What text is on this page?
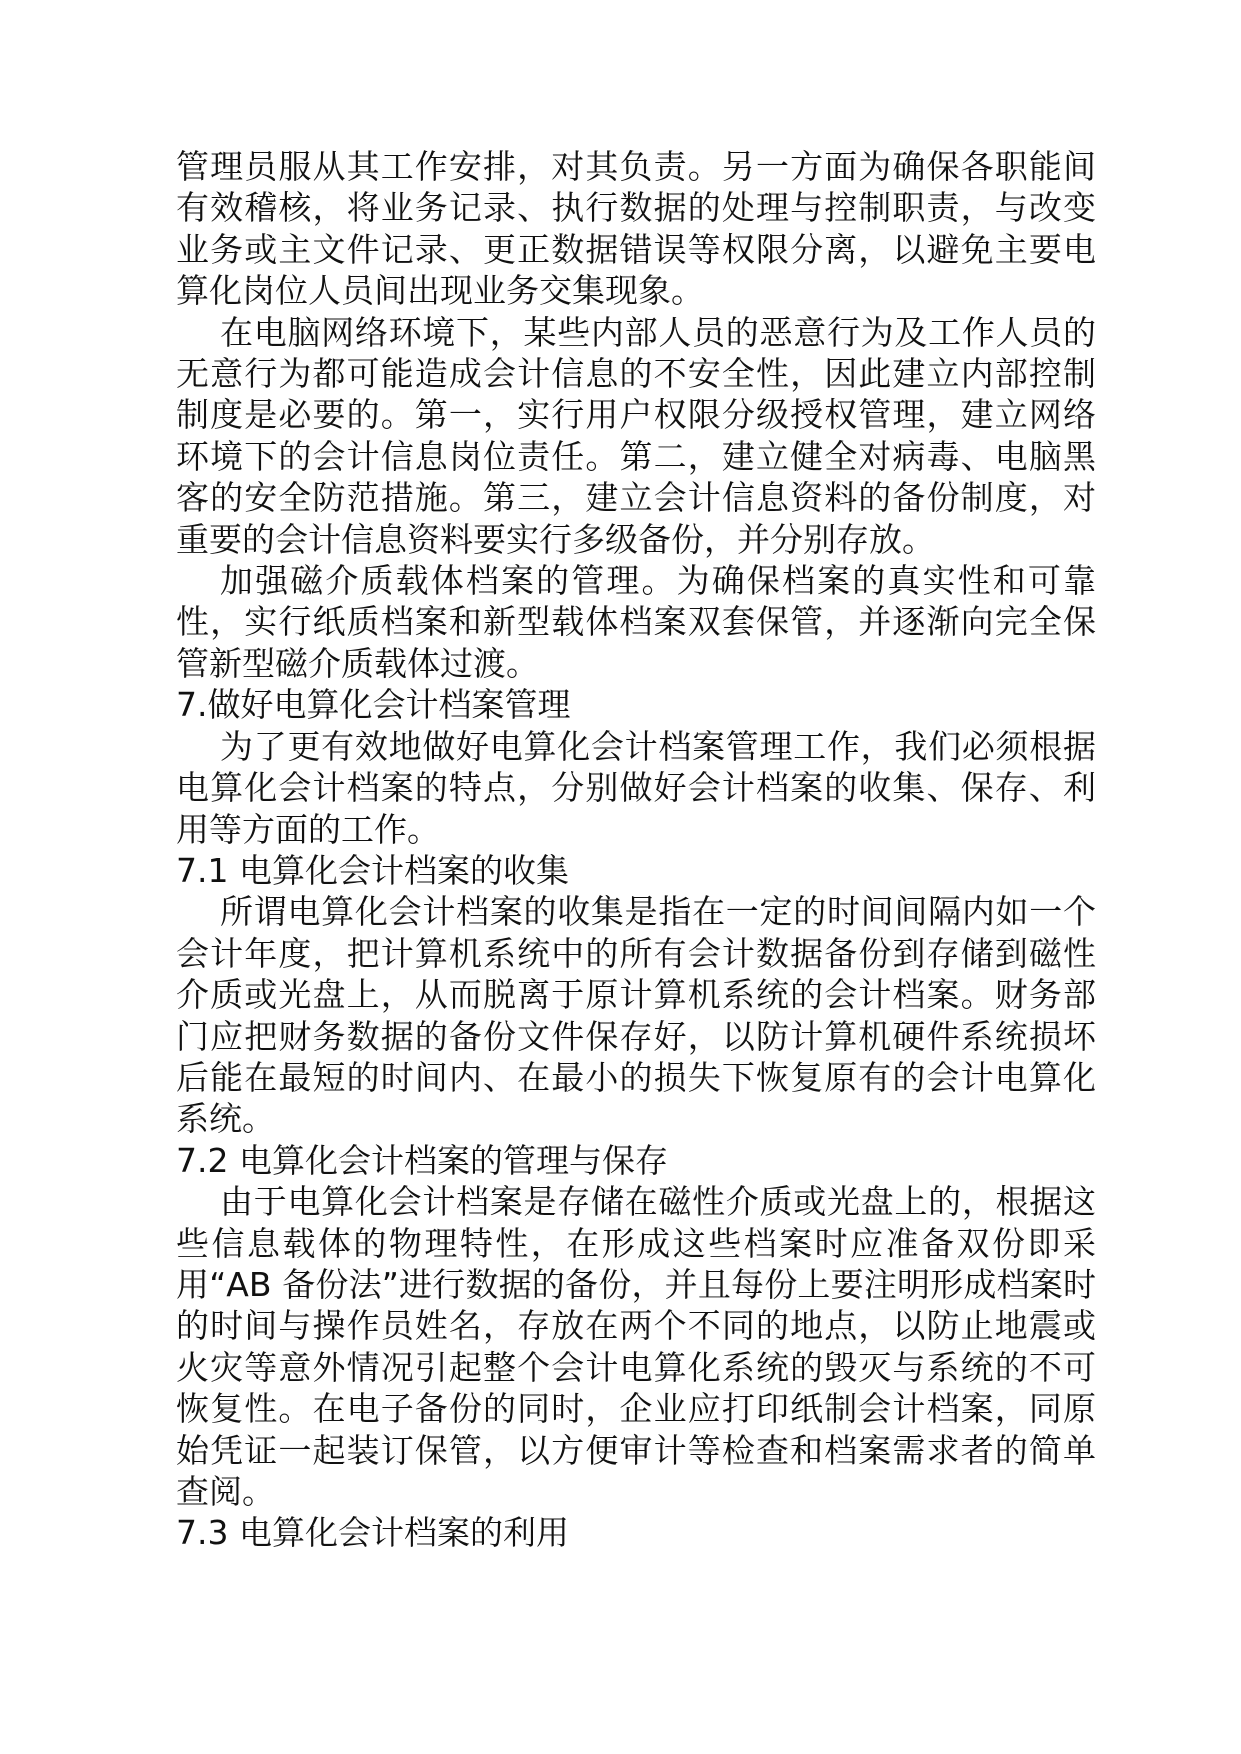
管理员服从其工作安排，对其负责。另一方面为确保各职能间有效稽核，将业务记录、执行数据的处理与控制职责，与改变业务或主文件记录、更正数据错误等权限分离，以避免主要电算化岗位人员间出现业务交集现象。

在电脑网络环境下，某些内部人员的恶意行为及工作人员的无意行为都可能造成会计信息的不安全性，因此建立内部控制制度是必要的。第一，实行用户权限分级授权管理，建立网络环境下的会计信息岗位责任。第二，建立健全对病毒、电脑黑客的安全防范措施。第三，建立会计信息资料的备份制度，对重要的会计信息资料要实行多级备份，并分别存放。

加强磁介质载体档案的管理。为确保档案的真实性和可靠性，实行纸质档案和新型载体档案双套保管，并逐渐向完全保管新型磁介质载体过渡。

7.做好电算化会计档案管理

为了更有效地做好电算化会计档案管理工作，我们必须根据电算化会计档案的特点，分别做好会计档案的收集、保存、利用等方面的工作。

7.1 电算化会计档案的收集

所谓电算化会计档案的收集是指在一定的时间间隔内如一个会计年度，把计算机系统中的所有会计数据备份到存储到磁性介质或光盘上，从而脱离于原计算机系统的会计档案。财务部门应把财务数据的备份文件保存好，以防计算机硬件系统损坏后能在最短的时间内、在最小的损失下恢复原有的会计电算化系统。

7.2 电算化会计档案的管理与保存

由于电算化会计档案是存储在磁性介质或光盘上的，根据这些信息载体的物理特性，在形成这些档案时应准备双份即采用“AB 备份法”进行数据的备份，并且每份上要注明形成档案时的时间与操作员姓名，存放在两个不同的地点，以防止地震或火灾等意外情况引起整个会计电算化系统的毁灭与系统的不可恢复性。在电子备份的同时，企业应打印纸制会计档案，同原始凭证一起装订保管，以方便审计等检查和档案需求者的简单查阅。

7.3 电算化会计档案的利用
